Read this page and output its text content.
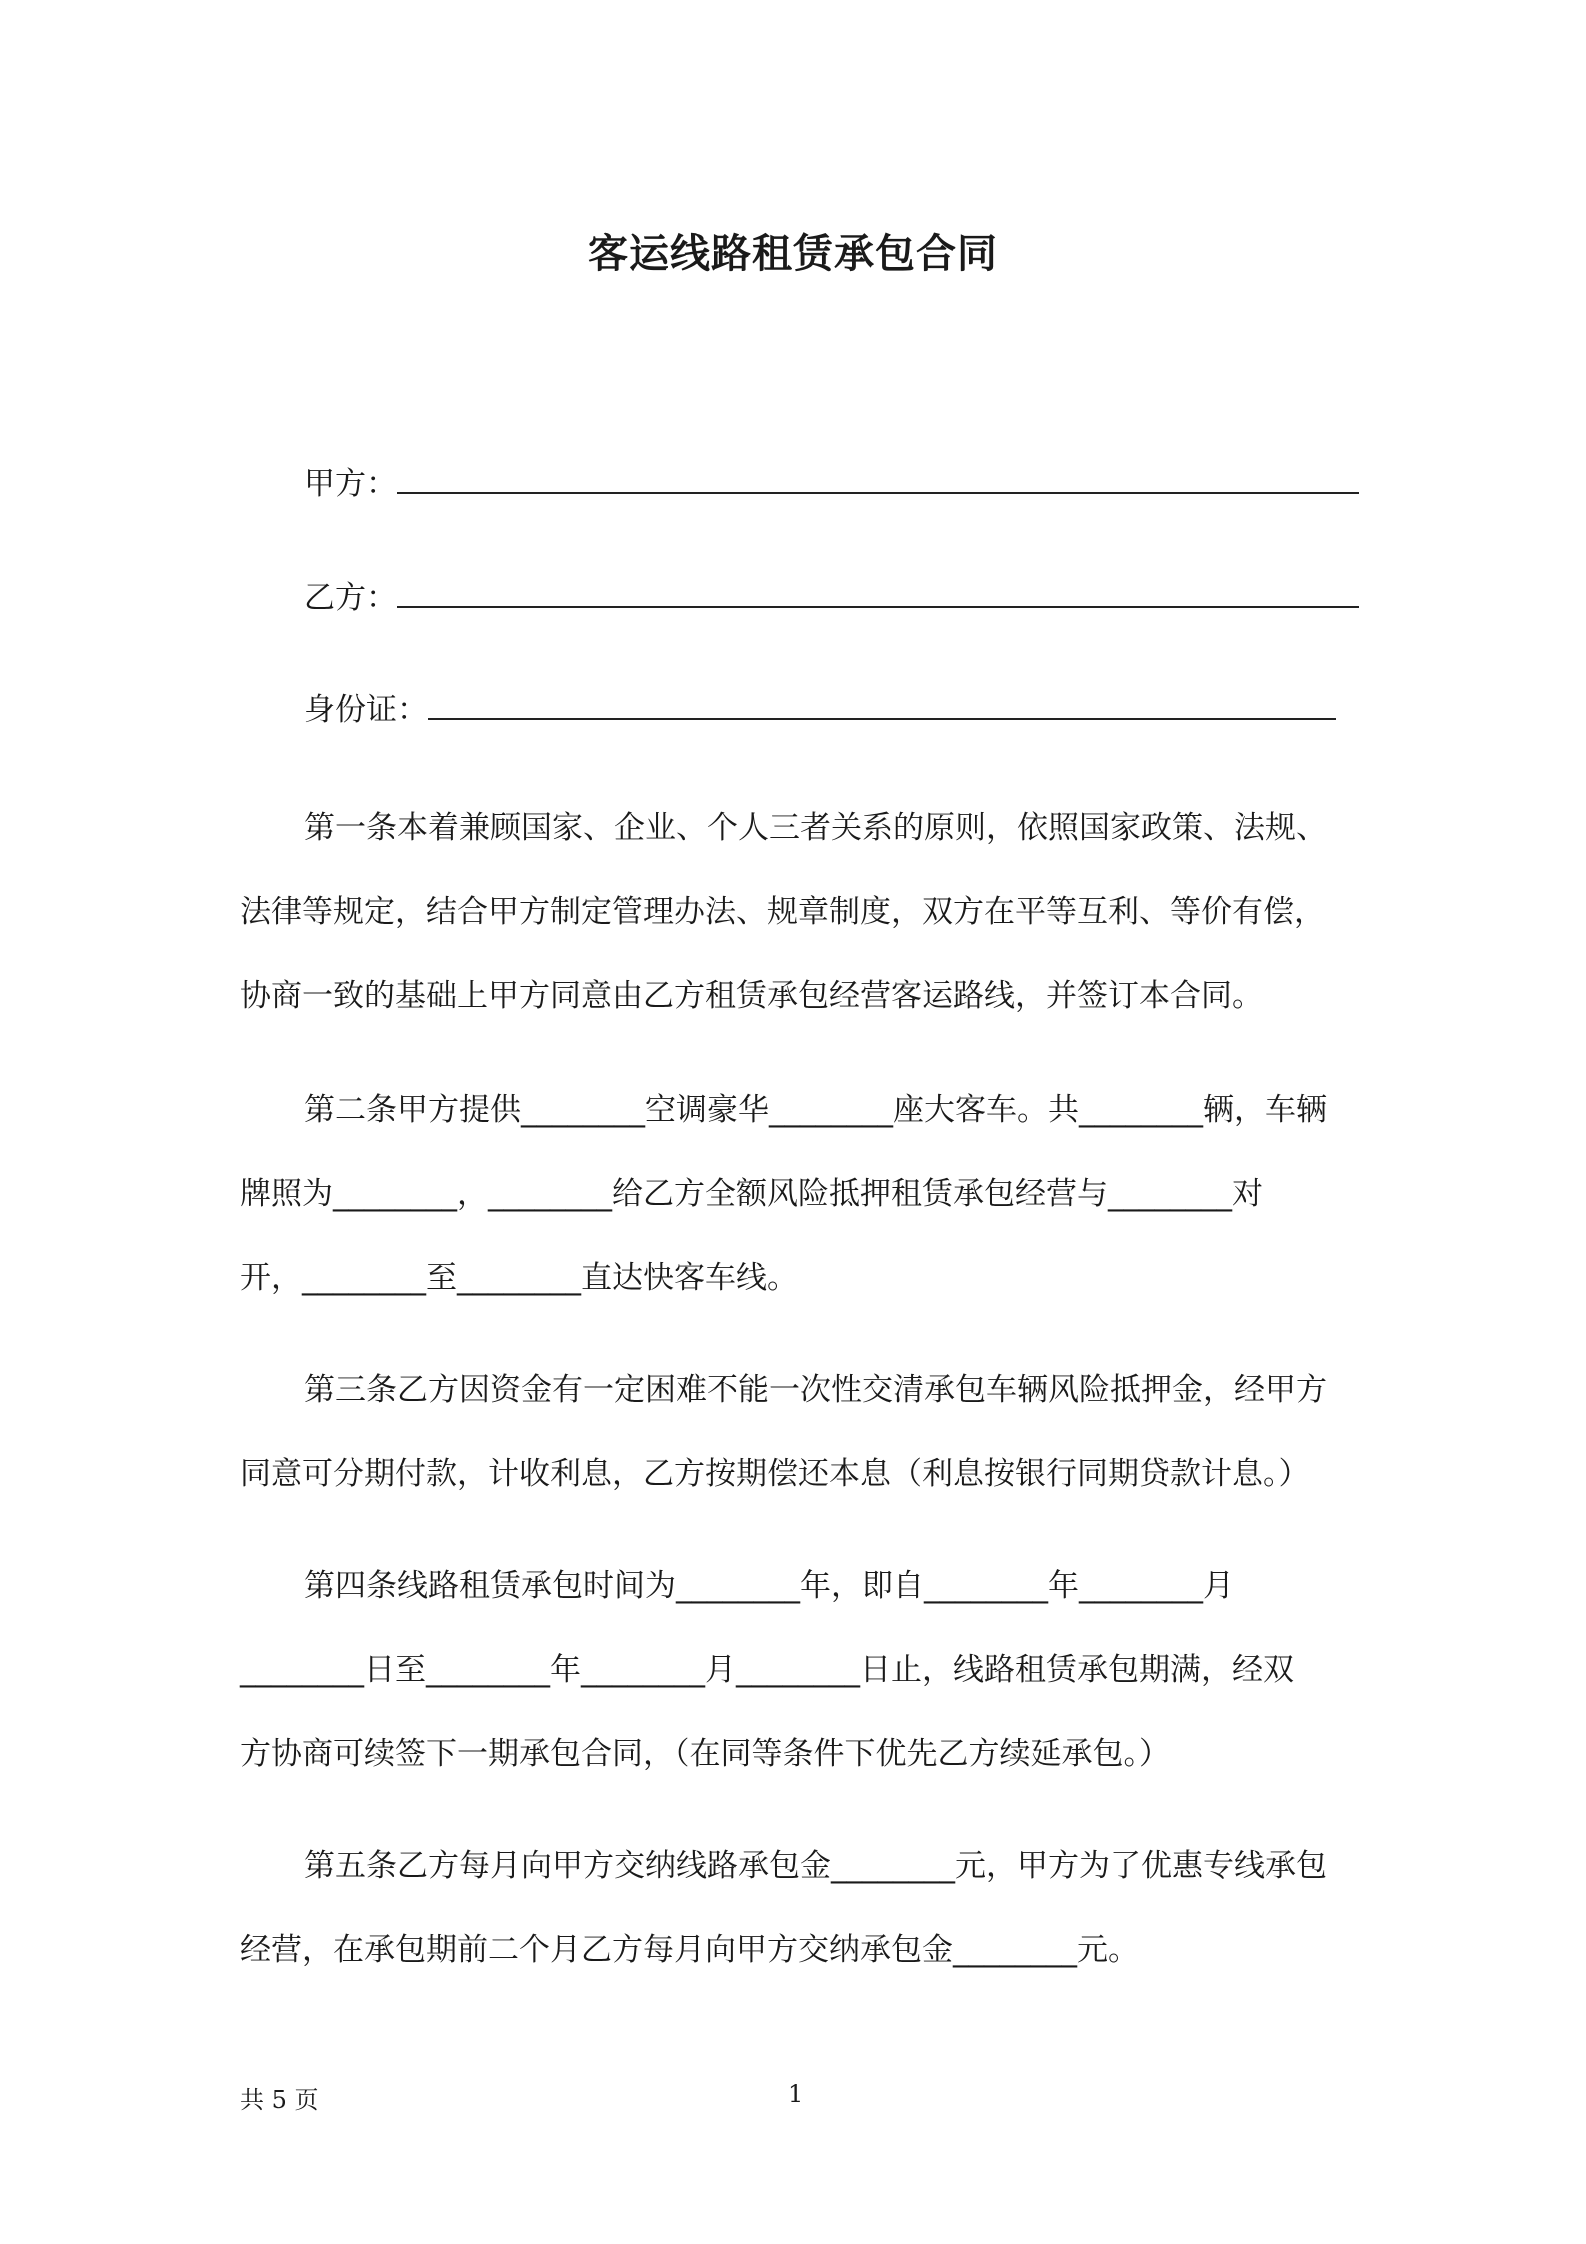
客运线路租赁承包合同
甲方：
乙方：
身份证：

第一条本着兼顾国家、企业、个人三者关系的原则，依照国家政策、法规、

法律等规定，结合甲方制定管理办法、规章制度，双方在平等互利、等价有偿，

协商一致的基础上甲方同意由乙方租赁承包经营客运路线，并签订本合同。

第二条甲方提供________空调豪华________座大客车。共________辆，车辆

牌照为________，________给乙方全额风险抵押租赁承包经营与________对

开，________至________直达快客车线。

第三条乙方因资金有一定困难不能一次性交清承包车辆风险抵押金，经甲方

同意可分期付款，计收利息，乙方按期偿还本息（利息按银行同期贷款计息。）

第四条线路租赁承包时间为________年，即自________年________月

________日至________年________月________日止，线路租赁承包期满，经双

方协商可续签下一期承包合同，（在同等条件下优先乙方续延承包。）

第五条乙方每月向甲方交纳线路承包金________元，甲方为了优惠专线承包

经营，在承包期前二个月乙方每月向甲方交纳承包金________元。

共 5 页	1
